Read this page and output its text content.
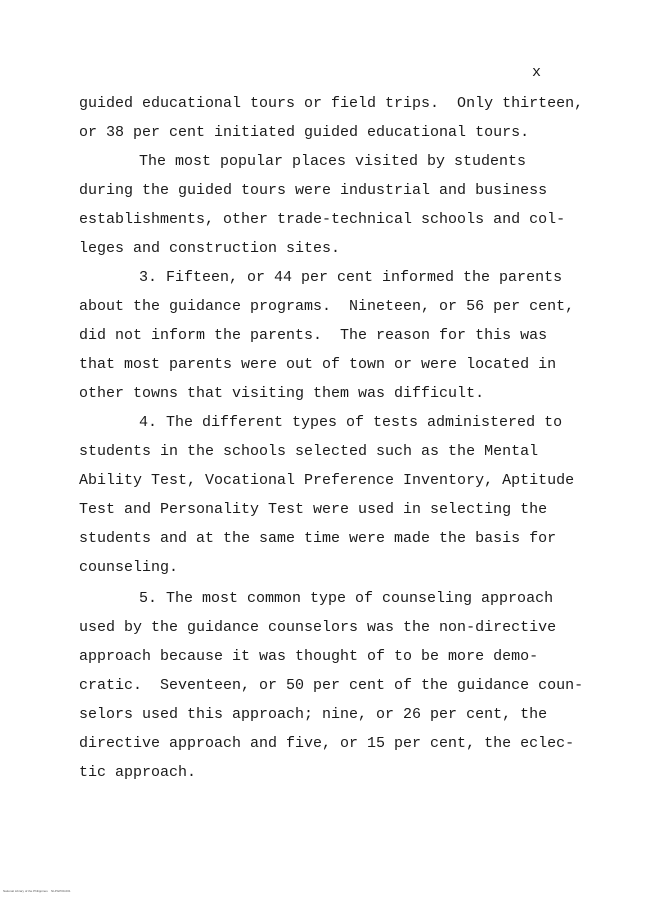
x
guided educational tours or field trips.  Only thirteen,
or 38 per cent initiated guided educational tours.
The most popular places visited by students
during the guided tours were industrial and business
establishments, other trade-technical schools and col-
leges and construction sites.
3. Fifteen, or 44 per cent informed the parents
about the guidance programs.  Nineteen, or 56 per cent,
did not inform the parents.  The reason for this was
that most parents were out of town or were located in
other towns that visiting them was difficult.
4. The different types of tests administered to
students in the schools selected such as the Mental
Ability Test, Vocational Preference Inventory, Aptitude
Test and Personality Test were used in selecting the
students and at the same time were made the basis for
counseling.
5. The most common type of counseling approach
used by the guidance counselors was the non-directive
approach because it was thought of to be more demo-
cratic.  Seventeen, or 50 per cent of the guidance coun-
selors used this approach; nine, or 26 per cent, the
directive approach and five, or 15 per cent, the eclec-
tic approach.
National Library of the Philippines    NLPGP00-001
